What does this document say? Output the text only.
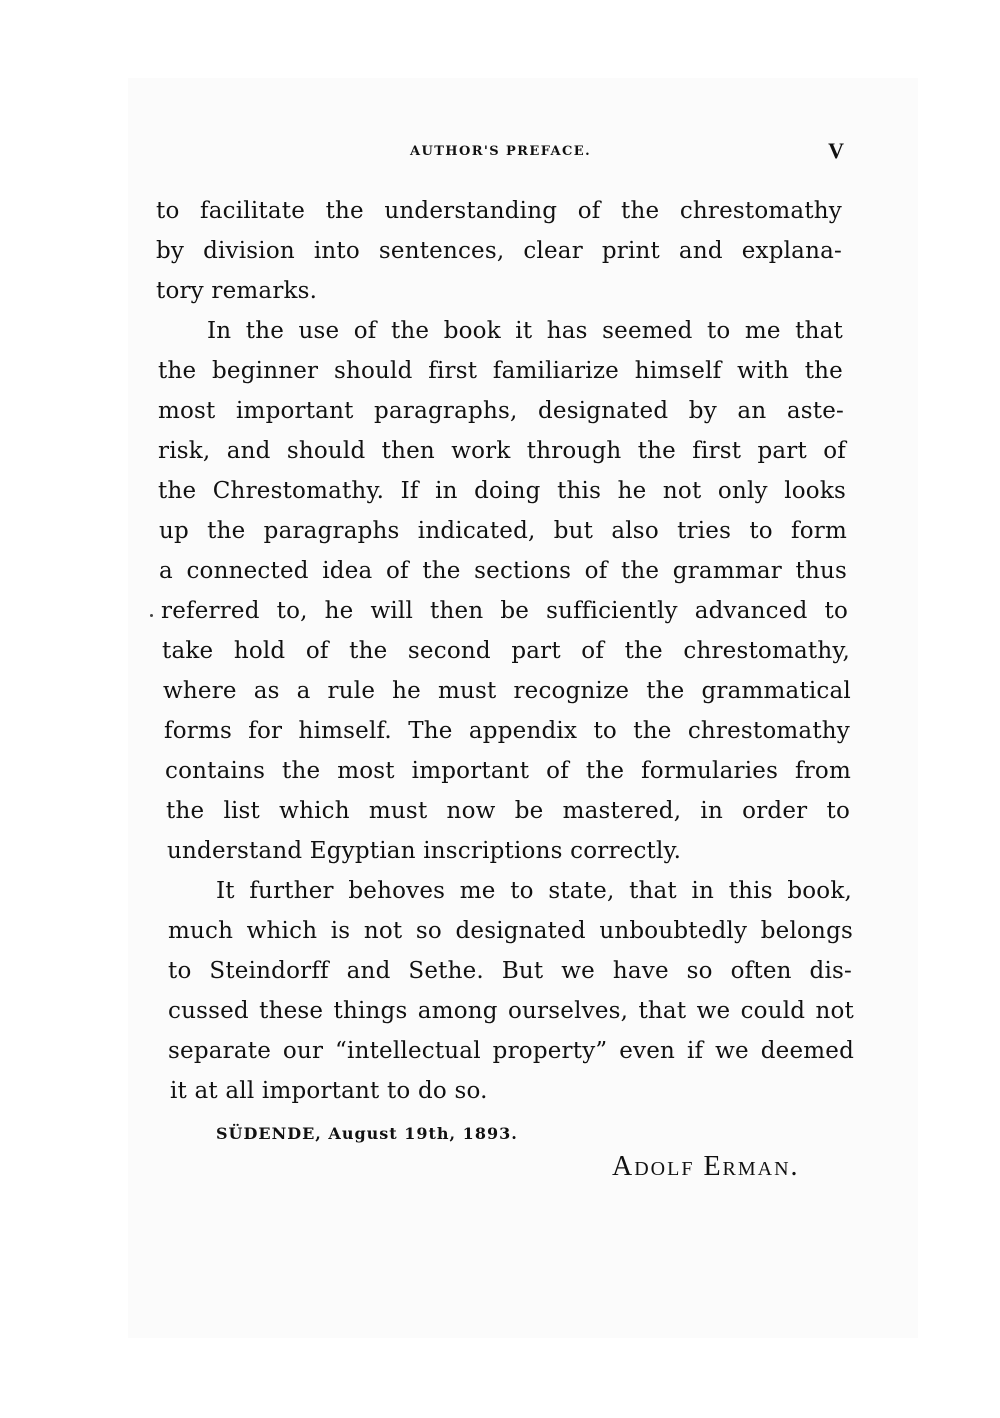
AUTHOR'S PREFACE.	V
to facilitate the understanding of the chrestomathy
by division into sentences, clear print and explana-
tory remarks.
In the use of the book it has seemed to me that
the beginner should first familiarize himself with the
most important paragraphs, designated by an aste-
risk, and should then work through the first part of
the Chrestomathy. If in doing this he not only looks
up the paragraphs indicated, but also tries to form
a connected idea of the sections of the grammar thus
referred to, he will then be sufficiently advanced to
take hold of the second part of the chrestomathy,
where as a rule he must recognize the grammatical
forms for himself. The appendix to the chrestomathy
contains the most important of the formularies from
the list which must now be mastered, in order to
understand Egyptian inscriptions correctly.
It further behoves me to state, that in this book,
much which is not so designated unboubtedly belongs
to Steindorff and Sethe. But we have so often dis-
cussed these things among ourselves, that we could not
separate our “intellectual property” even if we deemed
it at all important to do so.
SÜDENDE, August 19th, 1893.
Adolf Erman.
